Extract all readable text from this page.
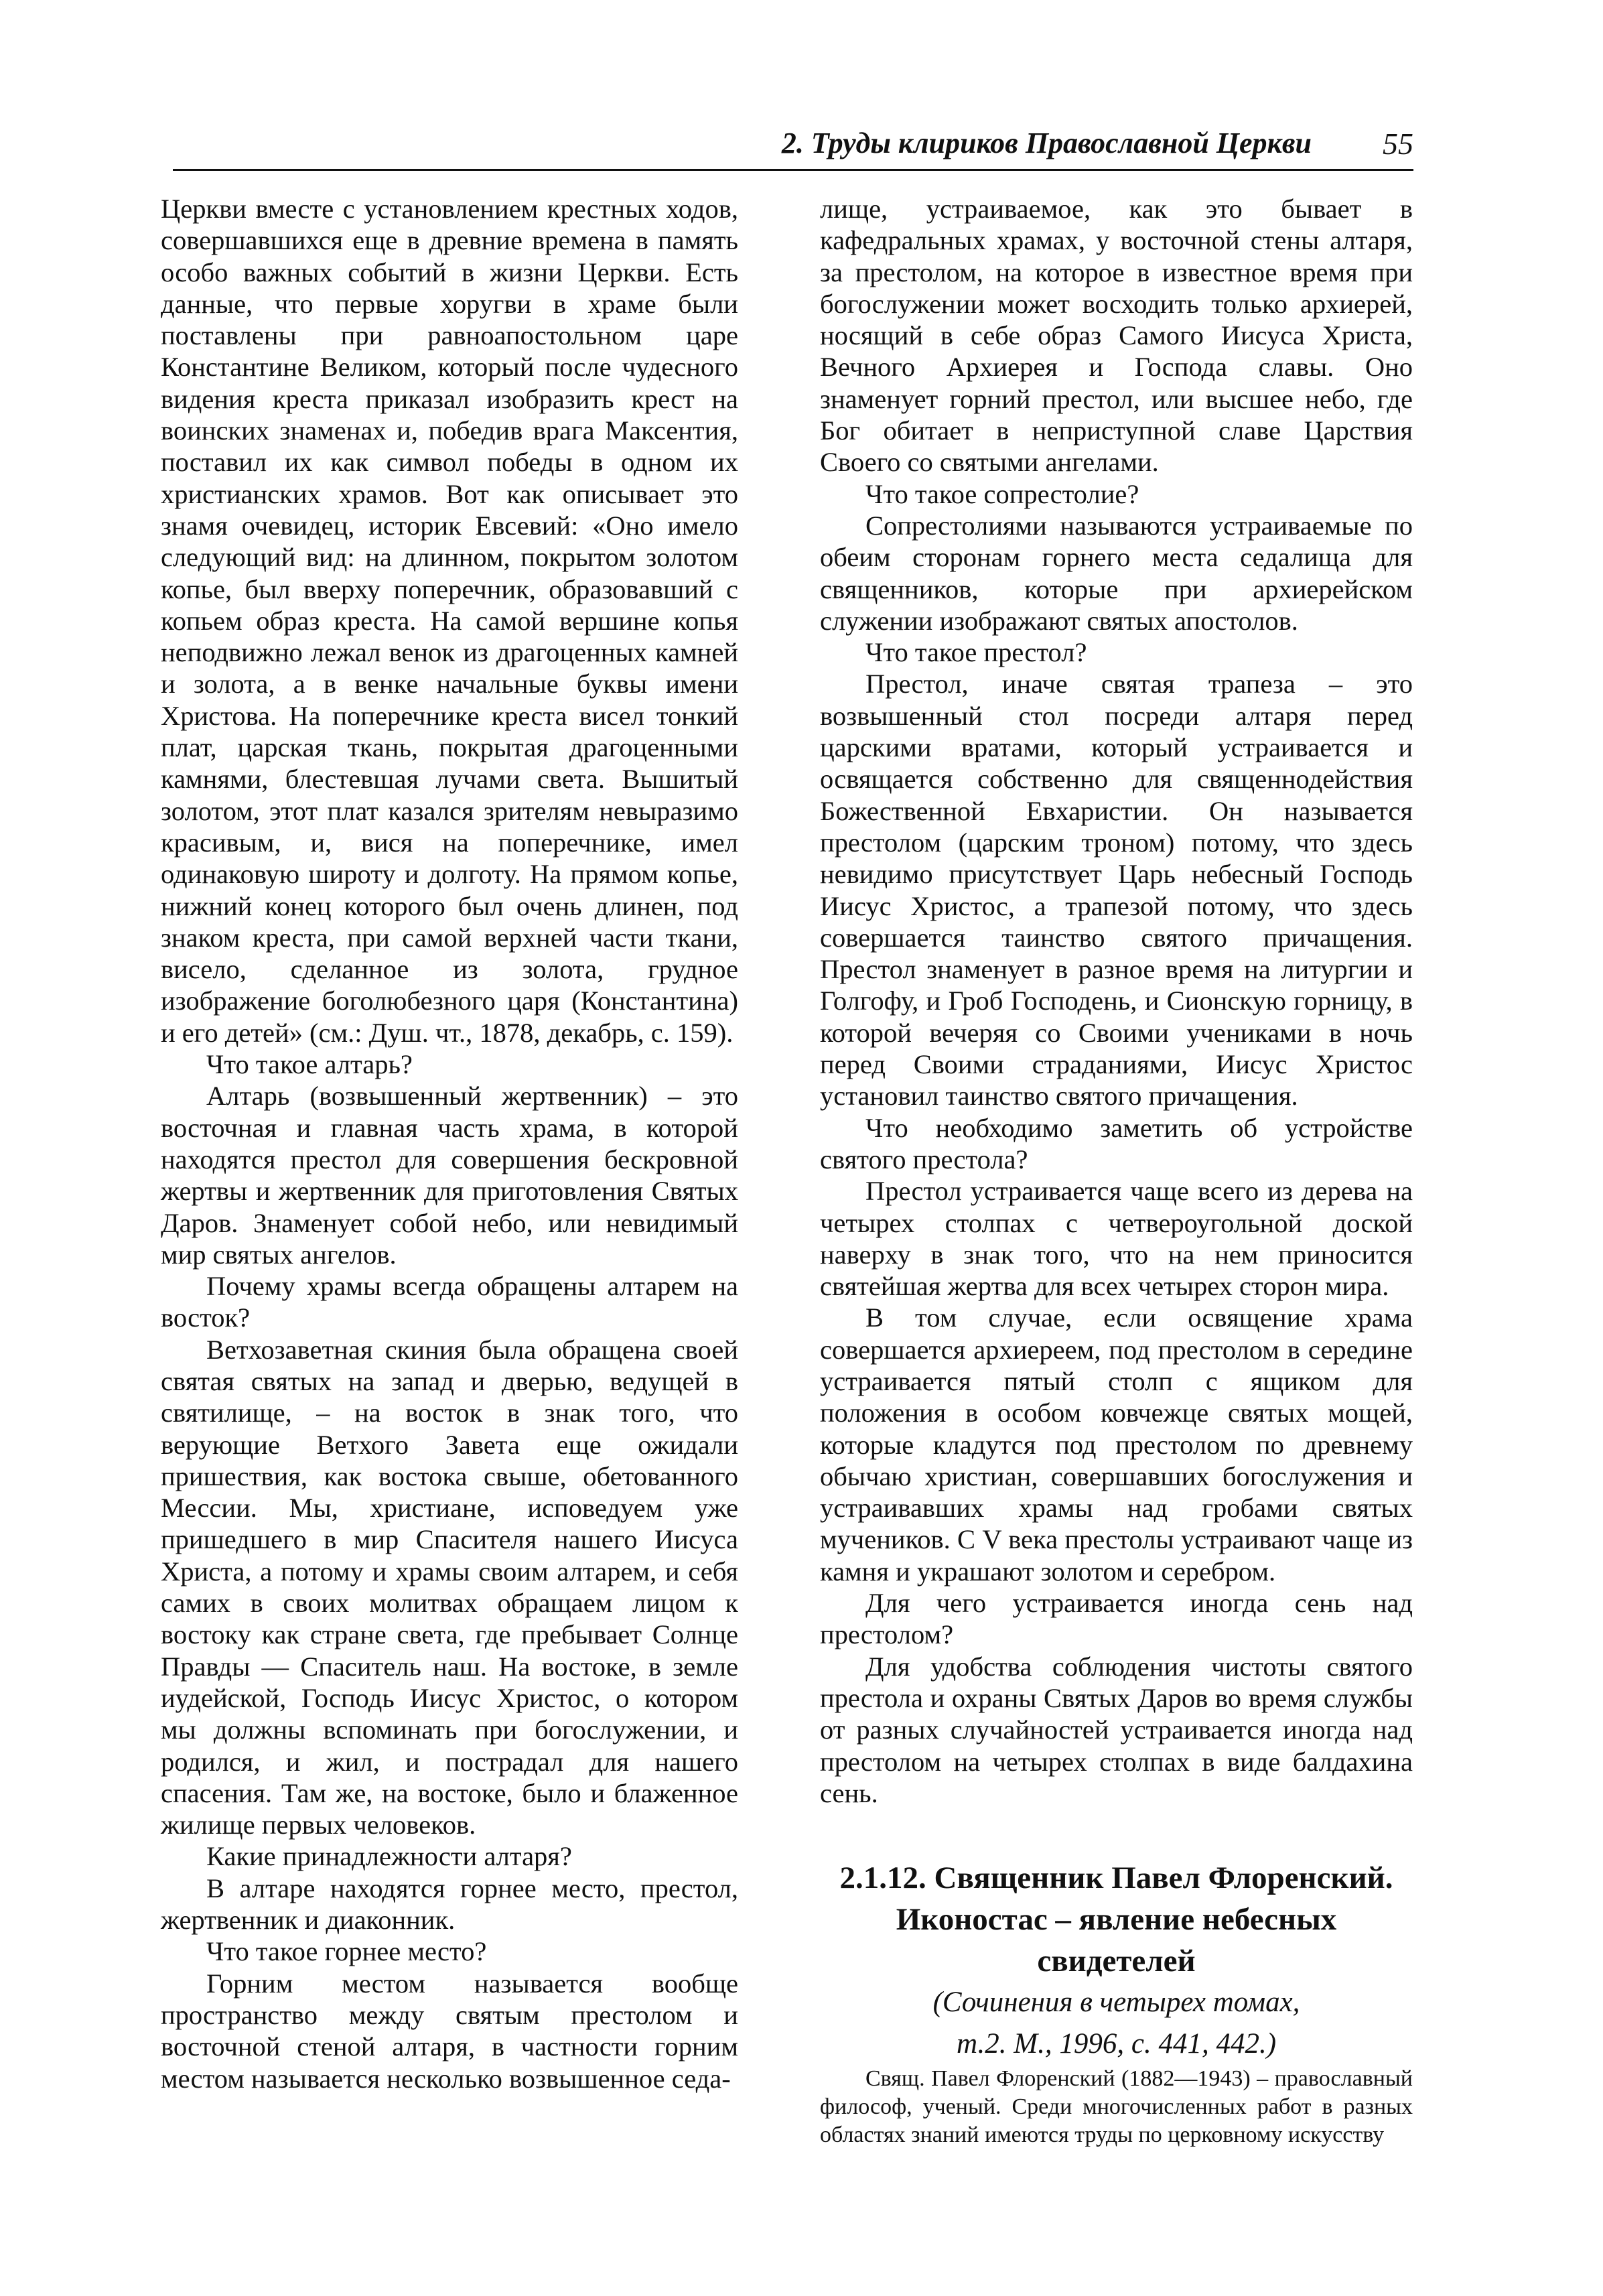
2. Труды клириков Православной Церкви 55

Церкви вместе с установлением крестных ходов, совершавшихся еще в древние времена в память особо важных событий в жизни Церкви. Есть данные, что первые хоругви в храме были поставлены при равноапостольном царе Константине Великом, который после чудесного видения креста приказал изобразить крест на воинских знаменах и, победив врага Максентия, поставил их как символ победы в одном их христианских храмов. Вот как описывает это знамя очевидец, историк Евсевий: «Оно имело следующий вид: на длинном, покрытом золотом копье, был вверху поперечник, образовавший с копьем образ креста. На самой вершине копья неподвижно лежал венок из драгоценных камней и золота, а в венке начальные буквы имени Христова. На поперечнике креста висел тонкий плат, царская ткань, покрытая драгоценными камнями, блестевшая лучами света. Вышитый золотом, этот плат казался зрителям невыразимо красивым, и, вися на поперечнике, имел одинаковую широту и долготу. На прямом копье, нижний конец которого был очень длинен, под знаком креста, при самой верхней части ткани, висело, сделанное из золота, грудное изображение боголюбезного царя (Константина) и его детей» (см.: Душ. чт., 1878, декабрь, с. 159).

Что такое алтарь?

Алтарь (возвышенный жертвенник) – это восточная и главная часть храма, в которой находятся престол для совершения бескровной жертвы и жертвенник для приготовления Святых Даров. Знаменует собой небо, или невидимый мир святых ангелов.

Почему храмы всегда обращены алтарем на восток?

Ветхозаветная скиния была обращена своей святая святых на запад и дверью, ведущей в святилище, – на восток в знак того, что верующие Ветхого Завета еще ожидали пришествия, как востока свыше, обетованного Мессии. Мы, христиане, исповедуем уже пришедшего в мир Спасителя нашего Иисуса Христа, а потому и храмы своим алтарем, и себя самих в своих молитвах обращаем лицом к востоку как стране света, где пребывает Солнце Правды — Спаситель наш. На востоке, в земле иудейской, Господь Иисус Христос, о котором мы должны вспоминать при богослужении, и родился, и жил, и пострадал для нашего спасения. Там же, на востоке, было и блаженное жилище первых человеков.

Какие принадлежности алтаря?

В алтаре находятся горнее место, престол, жертвенник и диаконник.

Что такое горнее место?

Горним местом называется вообще пространство между святым престолом и восточной стеной алтаря, в частности горним местом называется несколько возвышенное седа-

лище, устраиваемое, как это бывает в кафедральных храмах, у восточной стены алтаря, за престолом, на которое в известное время при богослужении может восходить только архиерей, носящий в себе образ Самого Иисуса Христа, Вечного Архиерея и Господа славы. Оно знаменует горний престол, или высшее небо, где Бог обитает в неприступной славе Царствия Своего со святыми ангелами.

Что такое сопрестолие?

Сопрестолиями называются устраиваемые по обеим сторонам горнего места седалища для священников, которые при архиерейском служении изображают святых апостолов.

Что такое престол?

Престол, иначе святая трапеза – это возвышенный стол посреди алтаря перед царскими вратами, который устраивается и освящается собственно для священнодействия Божественной Евхаристии. Он называется престолом (царским троном) потому, что здесь невидимо присутствует Царь небесный Господь Иисус Христос, а трапезой потому, что здесь совершается таинство святого причащения. Престол знаменует в разное время на литургии и Голгофу, и Гроб Господень, и Сионскую горницу, в которой вечеряя со Своими учениками в ночь перед Своими страданиями, Иисус Христос установил таинство святого причащения.

Что необходимо заметить об устройстве святого престола?

Престол устраивается чаще всего из дерева на четырех столпах с четвероугольной доской наверху в знак того, что на нем приносится святейшая жертва для всех четырех сторон мира.

В том случае, если освящение храма совершается архиереем, под престолом в середине устраивается пятый столп с ящиком для положения в особом ковчежце святых мощей, которые кладутся под престолом по древнему обычаю христиан, совершавших богослужения и устраивавших храмы над гробами святых мучеников. С V века престолы устраивают чаще из камня и украшают золотом и серебром.

Для чего устраивается иногда сень над престолом?

Для удобства соблюдения чистоты святого престола и охраны Святых Даров во время службы от разных случайностей устраивается иногда над престолом на четырех столпах в виде балдахина сень.

2.1.12. Священник Павел Флоренский.
Иконостас – явление небесных свидетелей
(Сочинения в четырех томах,
т.2. М., 1996, с. 441, 442.)

Свящ. Павел Флоренский (1882—1943) – православный философ, ученый. Среди многочисленных работ в разных областях знаний имеются труды по церковному искусству
